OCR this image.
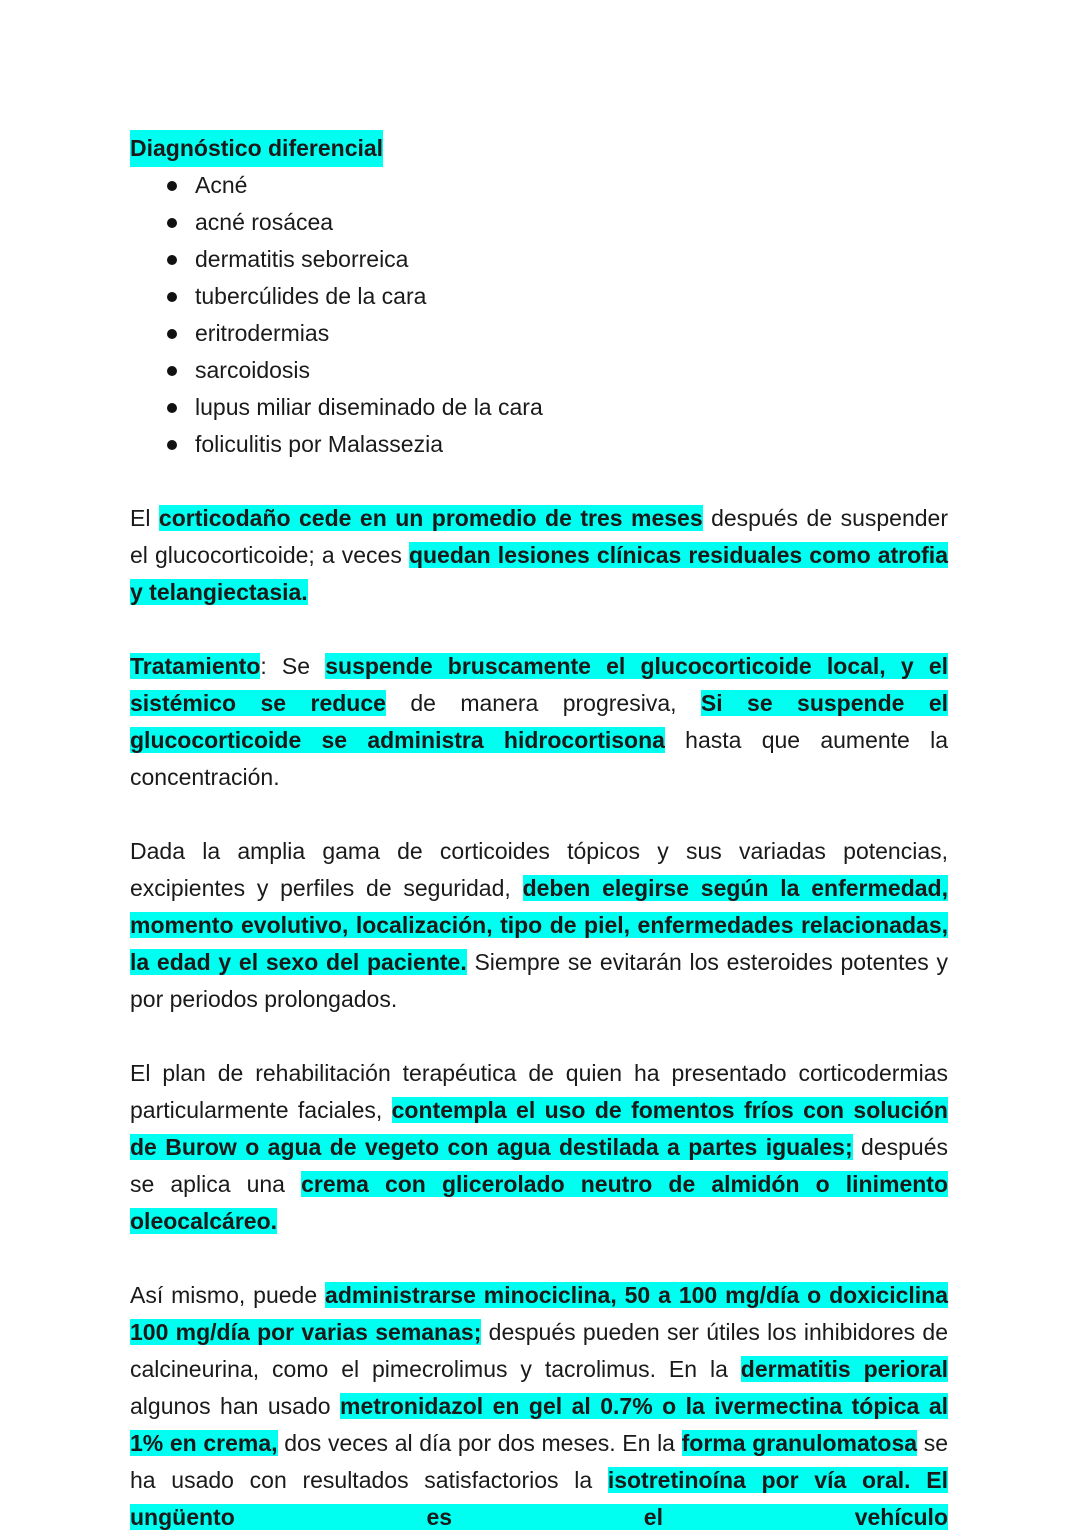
Diagnóstico diferencial
Acné
acné rosácea
dermatitis seborreica
tubercúlides de la cara
eritrodermias
sarcoidosis
lupus miliar diseminado de la cara
foliculitis por Malassezia

El corticodaño cede en un promedio de tres meses después de suspender el glucocorticoide; a veces quedan lesiones clínicas residuales como atrofia y telangiectasia.

Tratamiento: Se suspende bruscamente el glucocorticoide local, y el sistémico se reduce de manera progresiva, Si se suspende el glucocorticoide se administra hidrocortisona hasta que aumente la concentración.

Dada la amplia gama de corticoides tópicos y sus variadas potencias, excipientes y perfiles de seguridad, deben elegirse según la enfermedad, momento evolutivo, localización, tipo de piel, enfermedades relacionadas, la edad y el sexo del paciente. Siempre se evitarán los esteroides potentes y por periodos prolongados.

El plan de rehabilitación terapéutica de quien ha presentado corticodermias particularmente faciales, contempla el uso de fomentos fríos con solución de Burow o agua de vegeto con agua destilada a partes iguales; después se aplica una crema con glicerolado neutro de almidón o linimento oleocalcáreo.

Así mismo, puede administrarse minociclina, 50 a 100 mg/día o doxiciclina 100 mg/día por varias semanas; después pueden ser útiles los inhibidores de calcineurina, como el pimecrolimus y tacrolimus. En la dermatitis perioral algunos han usado metronidazol en gel al 0.7% o la ivermectina tópica al 1% en crema, dos veces al día por dos meses. En la forma granulomatosa se ha usado con resultados satisfactorios la isotretinoína por vía oral. El ungüento es el vehículo
